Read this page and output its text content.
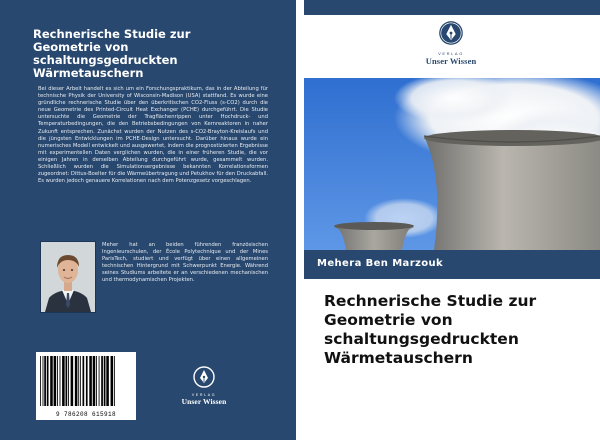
Rechnerische Studie zur
Geometrie von
schaltungsgedruckten
Wärmetauschern

Bei dieser Arbeit handelt es sich um ein Forschungspraktikum, das in der Abteilung für technische Physik der University of Wisconsin-Madison (USA) stattfand. Es wurde eine gründliche rechnerische Studie über den überkritischen CO2-Fluss (s-CO2) durch die neue Geometrie des Printed-Circuit Heat Exchanger (PCHE) durchgeführt. Die Studie untersuchte die Geometrie der Tragflächenrippen unter Hochdruck- und Temperaturbedingungen, die den Betriebsbedingungen von Kernreaktoren in naher Zukunft entsprechen. Zunächst wurden der Nutzen des s-CO2-Brayton-Kreislaufs und die jüngsten Entwicklungen im PCHE-Design untersucht. Darüber hinaus wurde ein numerisches Modell entwickelt und ausgewertet, indem die prognostizierten Ergebnisse mit experimentellen Daten verglichen wurden, die in einer früheren Studie, die vor einigen Jahren in derselben Abteilung durchgeführt wurde, gesammelt wurden. Schließlich wurden die Simulationsergebnisse bekannten Korrelationsformen zugeordnet: Dittus-Boelter für die Wärmeübertragung und Petukhov für den Druckabfall. Es wurden jedoch genauere Korrelationen nach dem Potenzgesetz vorgeschlagen.

Meher hat an beiden führenden französischen Ingenieurschulen, der École Polytechnique und der Mines ParisTech, studiert und verfügt über einen allgemeinen technischen Hintergrund mit Schwerpunkt Energie. Während seines Studiums arbeitete er an verschiedenen mechanischen und thermodynamischen Projekten.

9 786208 615918
VERLAG
Unser Wissen
VERLAG
Unser Wissen
Mehera Ben Marzouk
Rechnerische Studie zur
Geometrie von
schaltungsgedruckten
Wärmetauschern
